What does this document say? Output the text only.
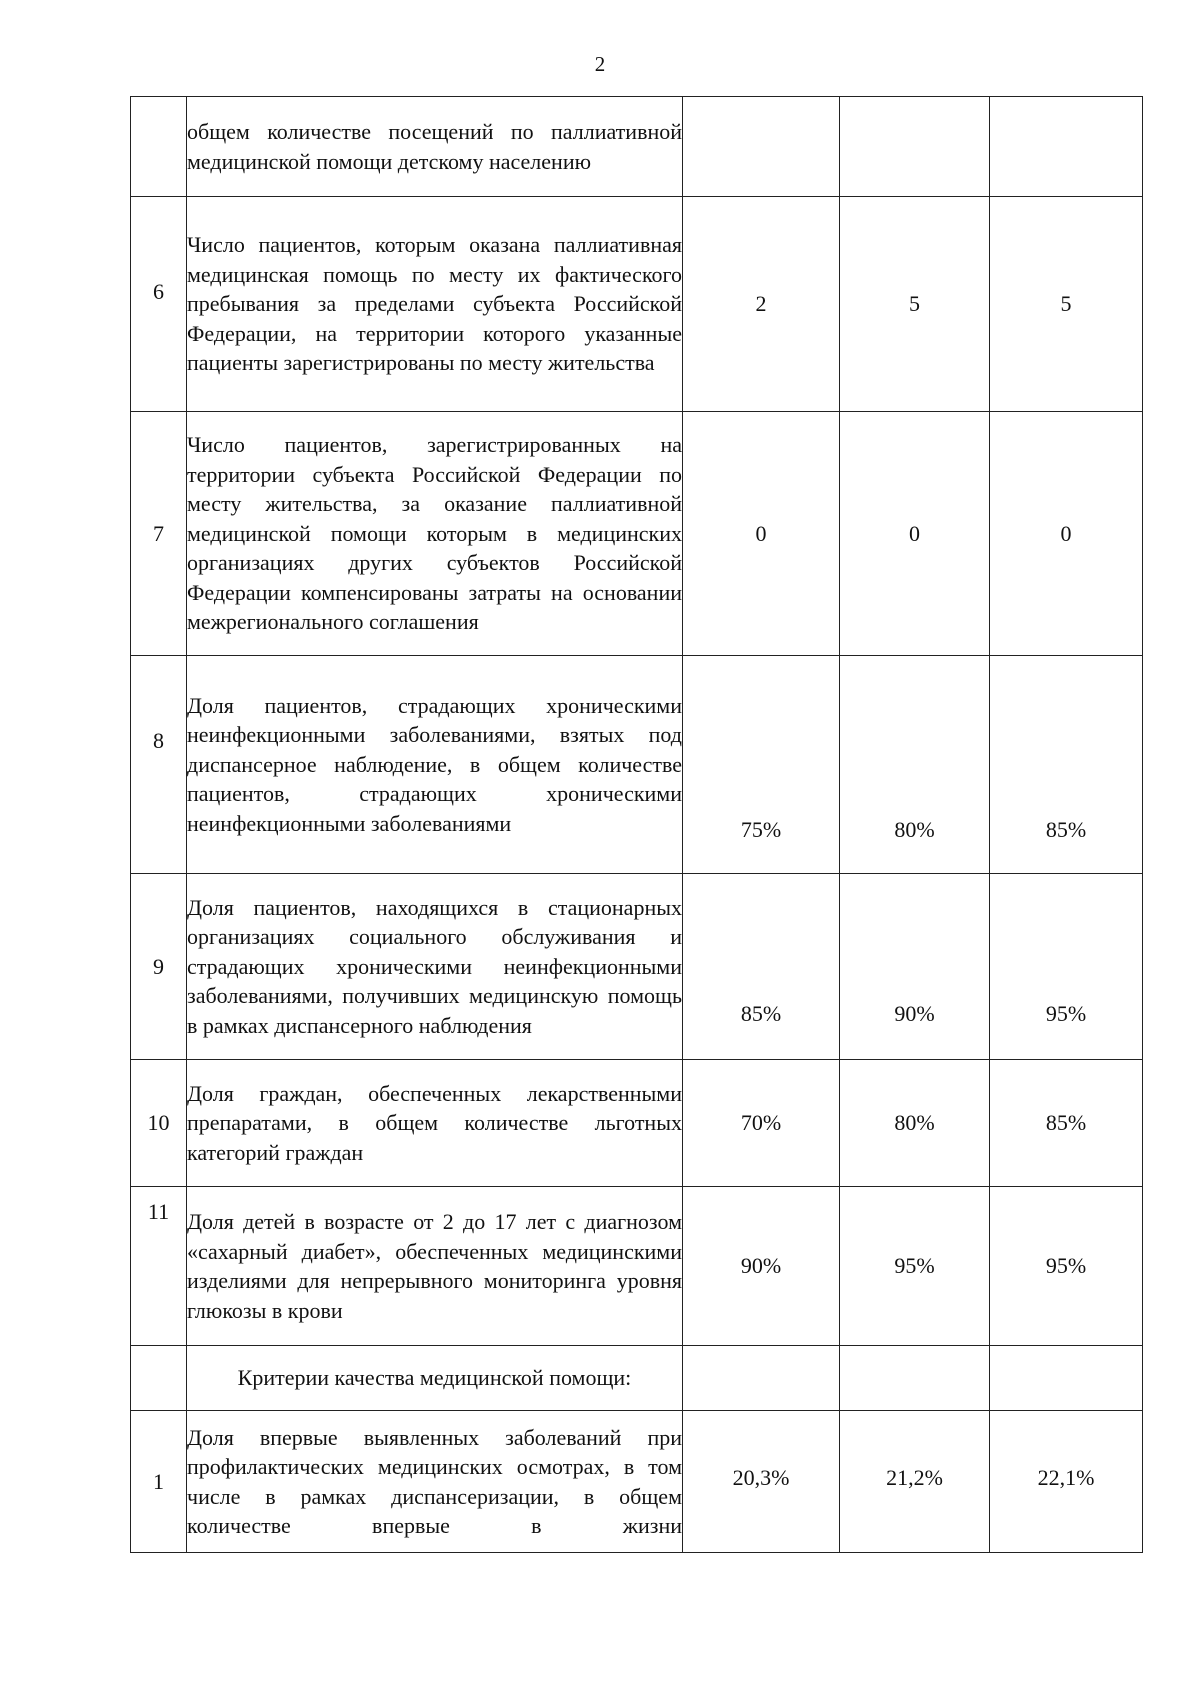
2
	общем количестве посещений по паллиативной медицинской помощи детскому населению			
6	Число пациентов, которым оказана паллиативная медицинская помощь по месту их фактического пребывания за пределами субъекта Российской Федерации, на территории которого указанные пациенты зарегистрированы по месту жительства	2	5	5
7	Число пациентов, зарегистрированных на территории субъекта Российской Федерации по месту жительства, за оказание паллиативной медицинской помощи которым в медицинских организациях других субъектов Российской Федерации компенсированы затраты на основании межрегионального соглашения	0	0	0
8	Доля пациентов, страдающих хроническими неинфекционными заболеваниями, взятых под диспансерное наблюдение, в общем количестве пациентов, страдающих хроническими неинфекционными заболеваниями	75%	80%	85%
9	Доля пациентов, находящихся в стационарных организациях социального обслуживания и страдающих хроническими неинфекционными заболеваниями, получивших медицинскую помощь в рамках диспансерного наблюдения	85%	90%	95%
10	Доля граждан, обеспеченных лекарственными препаратами, в общем количестве льготных категорий граждан	70%	80%	85%
11	Доля детей в возрасте от 2 до 17 лет с диагнозом «сахарный диабет», обеспеченных медицинскими изделиями для непрерывного мониторинга уровня глюкозы в крови	90%	95%	95%
	Критерии качества медицинской помощи:			
1	Доля впервые выявленных заболеваний при профилактических медицинских осмотрах, в том числе в рамках диспансеризации, в общем количестве впервые в жизни	20,3%	21,2%	22,1%
